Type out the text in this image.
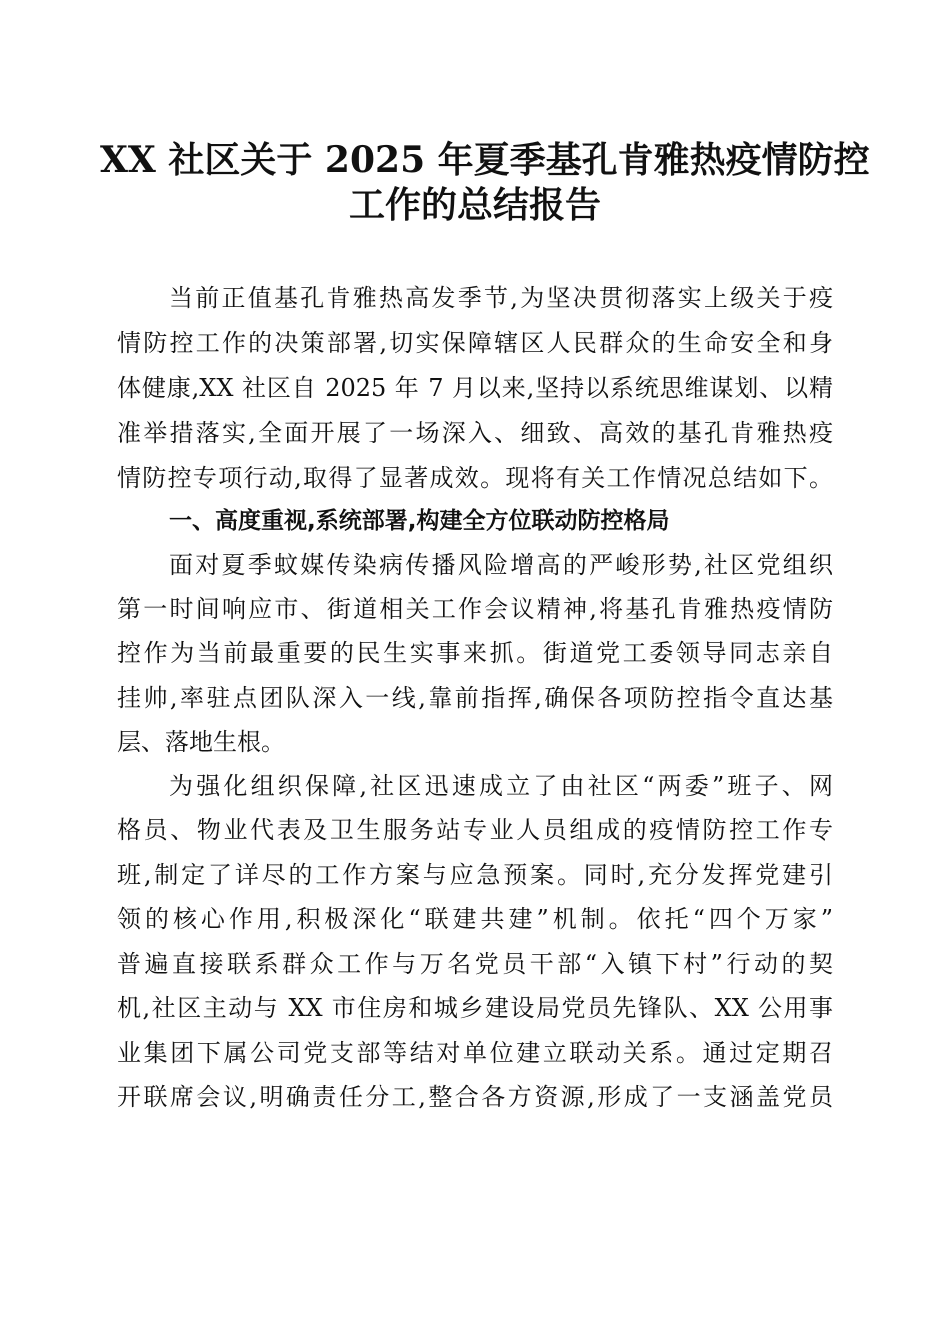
XX 社区关于 2025 年夏季基孔肯雅热疫情防控
工作的总结报告
当前正值基孔肯雅热高发季节,为坚决贯彻落实上级关于疫
情防控工作的决策部署,切实保障辖区人民群众的生命安全和身
体健康,XX 社区自 2025 年 7 月以来,坚持以系统思维谋划、以精
准举措落实,全面开展了一场深入、细致、高效的基孔肯雅热疫
情防控专项行动,取得了显著成效。现将有关工作情况总结如下。
一、高度重视,系统部署,构建全方位联动防控格局
面对夏季蚊媒传染病传播风险增高的严峻形势,社区党组织
第一时间响应市、街道相关工作会议精神,将基孔肯雅热疫情防
控作为当前最重要的民生实事来抓。街道党工委领导同志亲自
挂帅,率驻点团队深入一线,靠前指挥,确保各项防控指令直达基
层、落地生根。
为强化组织保障,社区迅速成立了由社区“两委”班子、网
格员、物业代表及卫生服务站专业人员组成的疫情防控工作专
班,制定了详尽的工作方案与应急预案。同时,充分发挥党建引
领的核心作用,积极深化“联建共建”机制。依托“四个万家”
普遍直接联系群众工作与万名党员干部“入镇下村”行动的契
机,社区主动与 XX 市住房和城乡建设局党员先锋队、XX 公用事
业集团下属公司党支部等结对单位建立联动关系。通过定期召
开联席会议,明确责任分工,整合各方资源,形成了一支涵盖党员
